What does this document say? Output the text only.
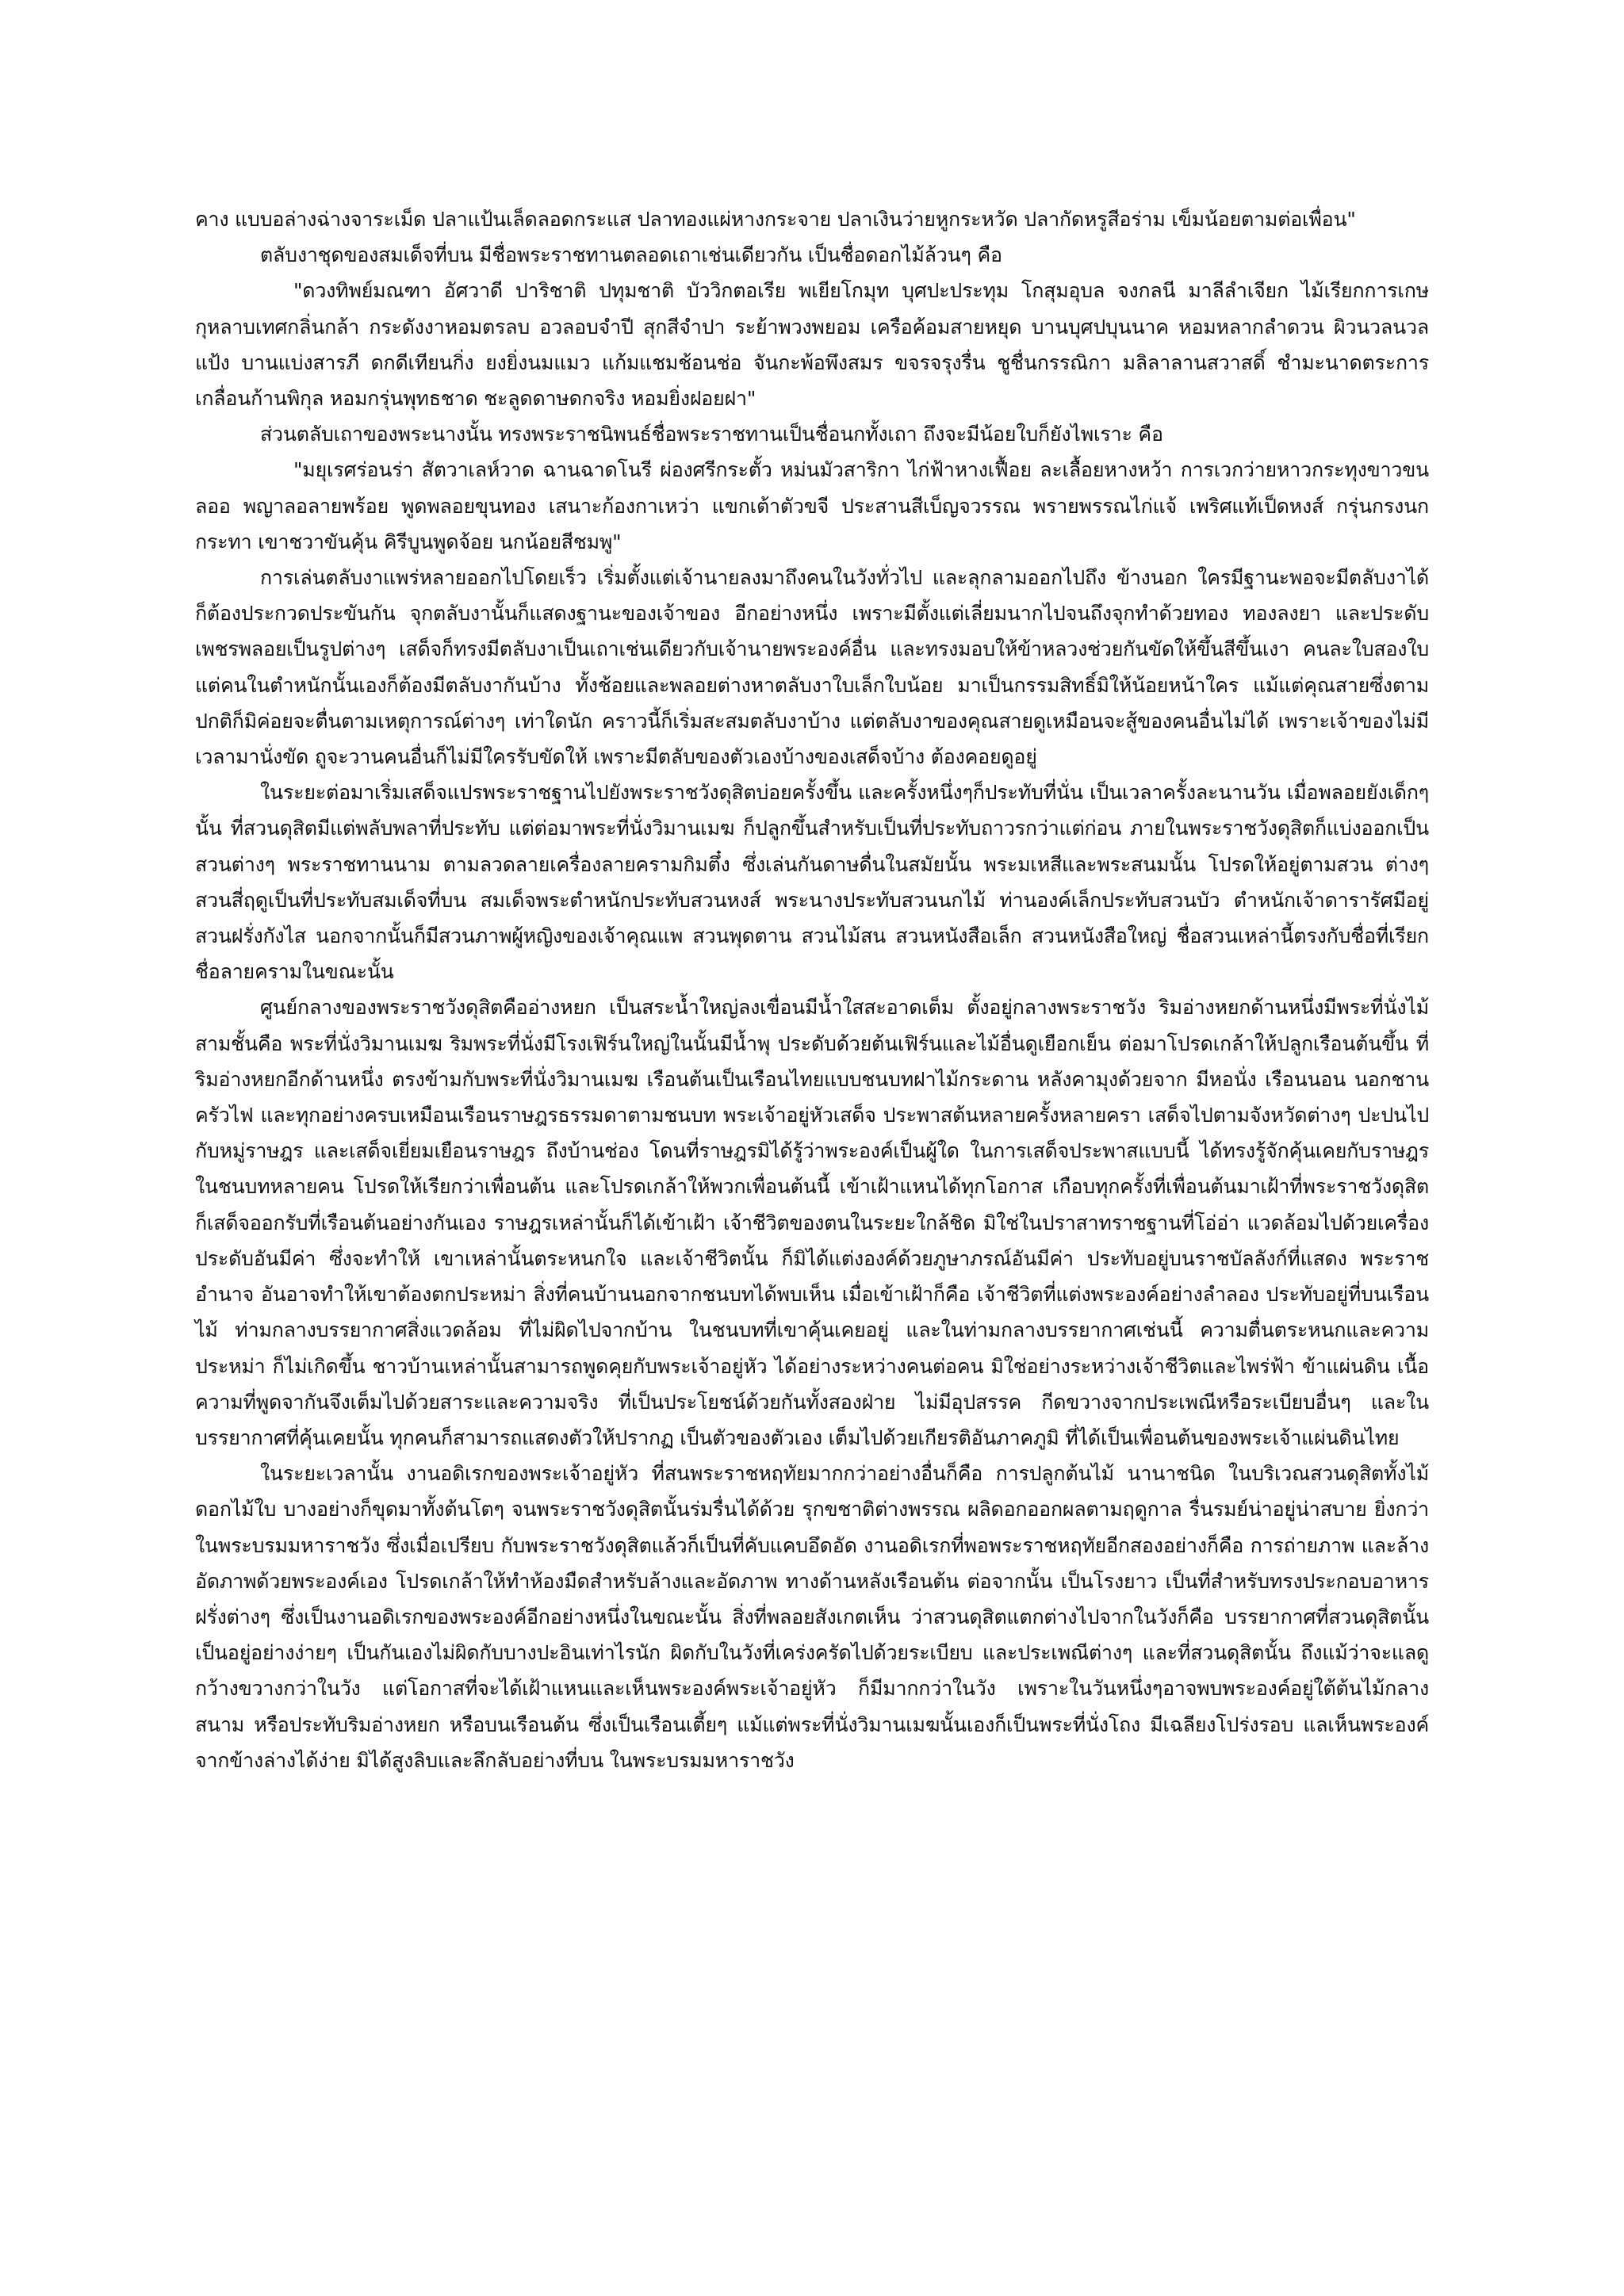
คาง แบบอล่างฉ่างจาระเม็ด ปลาแป้นเล็ดลอดกระแส ปลาทองแผ่หางกระจาย ปลาเงินว่ายหูกระหวัด ปลากัดหรูสีอร่าม เข็มน้อยตามต่อเพื่อน"

ตลับงาชุดของสมเด็จที่บน มีชื่อพระราชทานตลอดเถาเช่นเดียวกัน เป็นชื่อดอกไม้ล้วนๆ คือ

"ดวงทิพย์มณฑา อัศวาดี ปาริชาติ ปทุมชาติ บัววิกตอเรีย พเยียโกมุท บุศปะประทุม โกสุมอุบล จงกลนี มาลีลำเจียก ไม้เรียกการเกษ กุหลาบเทศกลิ่นกล้า กระดังงาหอมตรลบ อวลอบจำปี สุกสีจำปา ระย้าพวงพยอม เครือค้อมสายหยุด บานบุศปบุนนาค หอมหลากลำดวน ผิวนวลนวลแป้ง บานแบ่งสารภี ดกดีเทียนกิ่ง ยงยิ่งนมแมว แก้มแชมช้อนช่อ จันกะพ้อพึงสมร ขจรจรุงรื่น ชูชื่นกรรณิกา มลิลาลานสวาสดิ์ ชำมะนาดตระการ เกลื่อนก้านพิกุล หอมกรุ่นพุทธชาด ชะลูดดาษดกจริง หอมยิ่งฝอยฝา"

ส่วนตลับเถาของพระนางนั้น ทรงพระราชนิพนธ์ชื่อพระราชทานเป็นชื่อนกทั้งเถา ถึงจะมีน้อยใบก็ยังไพเราะ คือ

"มยุเรศร่อนร่า สัตวาเลห์วาด ฉานฉาดโนรี ผ่องศรีกระตั้ว หม่นมัวสาริกา ไก่ฟ้าหางเฟื้อย ละเลื้อยหางหว้า การเวกว่ายหาวกระทุงขาวขนลออ พญาลอลายพร้อย พูดพลอยขุนทอง เสนาะก้องกาเหว่า แขกเต้าตัวขจี ประสานสีเบ็ญจวรรณ พรายพรรณไก่แจ้ เพริศแท้เป็ดหงส์ กรุ่นกรงนกกระทา เขาชวาขันคุ้น คิรีบูนพูดจ้อย นกน้อยสีชมพู"

การเล่นตลับงาแพร่หลายออกไปโดยเร็ว เริ่มตั้งแต่เจ้านายลงมาถึงคนในวังทั่วไป และลุกลามออกไปถึง ข้างนอก ใครมีฐานะพอจะมีตลับงาได้ ก็ต้องประกวดประขันกัน จุกตลับงานั้นก็แสดงฐานะของเจ้าของ อีกอย่างหนึ่ง เพราะมีตั้งแต่เลี่ยมนากไปจนถึงจุกทำด้วยทอง ทองลงยา และประดับเพชรพลอยเป็นรูปต่างๆ เสด็จก็ทรงมีตลับงาเป็นเถาเช่นเดียวกับเจ้านายพระองค์อื่น และทรงมอบให้ข้าหลวงช่วยกันขัดให้ขึ้นสีขึ้นเงา คนละใบสองใบ แต่คนในตำหนักนั้นเองก็ต้องมีตลับงากันบ้าง ทั้งช้อยและพลอยต่างหาตลับงาใบเล็กใบน้อย มาเป็นกรรมสิทธิ์มิให้น้อยหน้าใคร แม้แต่คุณสายซึ่งตามปกติก็มิค่อยจะตื่นตามเหตุการณ์ต่างๆ เท่าใดนัก คราวนี้ก็เริ่มสะสมตลับงาบ้าง แต่ตลับงาของคุณสายดูเหมือนจะสู้ของคนอื่นไม่ได้ เพราะเจ้าของไม่มีเวลามานั่งขัด ถูจะวานคนอื่นก็ไม่มีใครรับขัดให้ เพราะมีตลับของตัวเองบ้างของเสด็จบ้าง ต้องคอยดูอยู่

ในระยะต่อมาเริ่มเสด็จแปรพระราชฐานไปยังพระราชวังดุสิตบ่อยครั้งขึ้น และครั้งหนึ่งๆก็ประทับที่นั่น เป็นเวลาครั้งละนานวัน เมื่อพลอยยังเด็กๆนั้น ที่สวนดุสิตมีแต่พลับพลาที่ประทับ แต่ต่อมาพระที่นั่งวิมานเมฆ ก็ปลูกขึ้นสำหรับเป็นที่ประทับถาวรกว่าแต่ก่อน ภายในพระราชวังดุสิตก็แบ่งออกเป็นสวนต่างๆ พระราชทานนาม ตามลวดลายเครื่องลายครามกิมตึ๋ง ซึ่งเล่นกันดาษดื่นในสมัยนั้น พระมเหสีและพระสนมนั้น โปรดให้อยู่ตามสวน ต่างๆ สวนสี่ฤดูเป็นที่ประทับสมเด็จที่บน สมเด็จพระตำหนักประทับสวนหงส์ พระนางประทับสวนนกไม้ ท่านองค์เล็กประทับสวนบัว ตำหนักเจ้าดารารัศมีอยู่สวนฝรั่งกังไส นอกจากนั้นก็มีสวนภาพผู้หญิงของเจ้าคุณแพ สวนพุดตาน สวนไม้สน สวนหนังสือเล็ก สวนหนังสือใหญ่ ชื่อสวนเหล่านี้ตรงกับชื่อที่เรียกชื่อลายครามในขณะนั้น

ศูนย์กลางของพระราชวังดุสิตคืออ่างหยก เป็นสระน้ำใหญ่ลงเขื่อนมีน้ำใสสะอาดเต็ม ตั้งอยู่กลางพระราชวัง ริมอ่างหยกด้านหนึ่งมีพระที่นั่งไม้สามชั้นคือ พระที่นั่งวิมานเมฆ ริมพระที่นั่งมีโรงเฟิร์นใหญ่ในนั้นมีน้ำพุ ประดับด้วยต้นเฟิร์นและไม้อื่นดูเยือกเย็น ต่อมาโปรดเกล้าให้ปลูกเรือนต้นขึ้น ที่ริมอ่างหยกอีกด้านหนึ่ง ตรงข้ามกับพระที่นั่งวิมานเมฆ เรือนต้นเป็นเรือนไทยแบบชนบทฝาไม้กระดาน หลังคามุงด้วยจาก มีหอนั่ง เรือนนอน นอกชาน ครัวไฟ และทุกอย่างครบเหมือนเรือนราษฎรธรรมดาตามชนบท พระเจ้าอยู่หัวเสด็จ ประพาสต้นหลายครั้งหลายครา เสด็จไปตามจังหวัดต่างๆ ปะปนไปกับหมู่ราษฎร และเสด็จเยี่ยมเยือนราษฎร ถึงบ้านช่อง โดนที่ราษฎรมิได้รู้ว่าพระองค์เป็นผู้ใด ในการเสด็จประพาสแบบนี้ ได้ทรงรู้จักคุ้นเคยกับราษฎร ในชนบทหลายคน โปรดให้เรียกว่าเพื่อนต้น และโปรดเกล้าให้พวกเพื่อนต้นนี้ เข้าเฝ้าแหนได้ทุกโอกาส เกือบทุกครั้งที่เพื่อนต้นมาเฝ้าที่พระราชวังดุสิต ก็เสด็จออกรับที่เรือนต้นอย่างกันเอง ราษฎรเหล่านั้นก็ได้เข้าเฝ้า เจ้าชีวิตของตนในระยะใกล้ชิด มิใช่ในปราสาทราชฐานที่โอ่อ่า แวดล้อมไปด้วยเครื่องประดับอันมีค่า ซึ่งจะทำให้ เขาเหล่านั้นตระหนกใจ และเจ้าชีวิตนั้น ก็มิได้แต่งองค์ด้วยภูษาภรณ์อันมีค่า ประทับอยู่บนราชบัลลังก์ที่แสดง พระราชอำนาจ อันอาจทำให้เขาต้องตกประหม่า สิ่งที่คนบ้านนอกจากชนบทได้พบเห็น เมื่อเข้าเฝ้าก็คือ เจ้าชีวิตที่แต่งพระองค์อย่างลำลอง ประทับอยู่ที่บนเรือนไม้ ท่ามกลางบรรยากาศสิ่งแวดล้อม ที่ไม่ผิดไปจากบ้าน ในชนบทที่เขาคุ้นเคยอยู่ และในท่ามกลางบรรยากาศเช่นนี้ ความตื่นตระหนกและความประหม่า ก็ไม่เกิดขึ้น ชาวบ้านเหล่านั้นสามารถพูดคุยกับพระเจ้าอยู่หัว ได้อย่างระหว่างคนต่อคน มิใช่อย่างระหว่างเจ้าชีวิตและไพร่ฟ้า ข้าแผ่นดิน เนื้อความที่พูดจากันจึงเต็มไปด้วยสาระและความจริง ที่เป็นประโยชน์ด้วยกันทั้งสองฝ่าย ไม่มีอุปสรรค กีดขวางจากประเพณีหรือระเบียบอื่นๆ และในบรรยากาศที่คุ้นเคยนั้น ทุกคนก็สามารถแสดงตัวให้ปรากฏ เป็นตัวของตัวเอง เต็มไปด้วยเกียรติอันภาคภูมิ ที่ได้เป็นเพื่อนต้นของพระเจ้าแผ่นดินไทย

ในระยะเวลานั้น งานอดิเรกของพระเจ้าอยู่หัว ที่สนพระราชหฤทัยมากกว่าอย่างอื่นก็คือ การปลูกต้นไม้ นานาชนิด ในบริเวณสวนดุสิตทั้งไม้ดอกไม้ใบ บางอย่างก็ขุดมาทั้งต้นโตๆ จนพระราชวังดุสิตนั้นร่มรื่นได้ด้วย รุกขชาติต่างพรรณ ผลิดอกออกผลตามฤดูกาล รื่นรมย์น่าอยู่น่าสบาย ยิ่งกว่าในพระบรมมหาราชวัง ซึ่งเมื่อเปรียบ กับพระราชวังดุสิตแล้วก็เป็นที่คับแคบอึดอัด งานอดิเรกที่พอพระราชหฤทัยอีกสองอย่างก็คือ การถ่ายภาพ และล้างอัดภาพด้วยพระองค์เอง โปรดเกล้าให้ทำห้องมืดสำหรับล้างและอัดภาพ ทางด้านหลังเรือนต้น ต่อจากนั้น เป็นโรงยาว เป็นที่สำหรับทรงประกอบอาหารฝรั่งต่างๆ ซึ่งเป็นงานอดิเรกของพระองค์อีกอย่างหนึ่งในขณะนั้น สิ่งที่พลอยสังเกตเห็น ว่าสวนดุสิตแตกต่างไปจากในวังก็คือ บรรยากาศที่สวนดุสิตนั้นเป็นอยู่อย่างง่ายๆ เป็นกันเองไม่ผิดกับบางปะอินเท่าไรนัก ผิดกับในวังที่เคร่งครัดไปด้วยระเบียบ และประเพณีต่างๆ และที่สวนดุสิตนั้น ถึงแม้ว่าจะแลดูกว้างขวางกว่าในวัง แต่โอกาสที่จะได้เฝ้าแหนและเห็นพระองค์พระเจ้าอยู่หัว ก็มีมากกว่าในวัง เพราะในวันหนึ่งๆอาจพบพระองค์อยู่ใต้ต้นไม้กลางสนาม หรือประทับริมอ่างหยก หรือบนเรือนต้น ซึ่งเป็นเรือนเตี้ยๆ แม้แต่พระที่นั่งวิมานเมฆนั้นเองก็เป็นพระที่นั่งโถง มีเฉลียงโปร่งรอบ แลเห็นพระองค์จากข้างล่างได้ง่าย มิได้สูงลิบและลึกลับอย่างที่บน ในพระบรมมหาราชวัง
